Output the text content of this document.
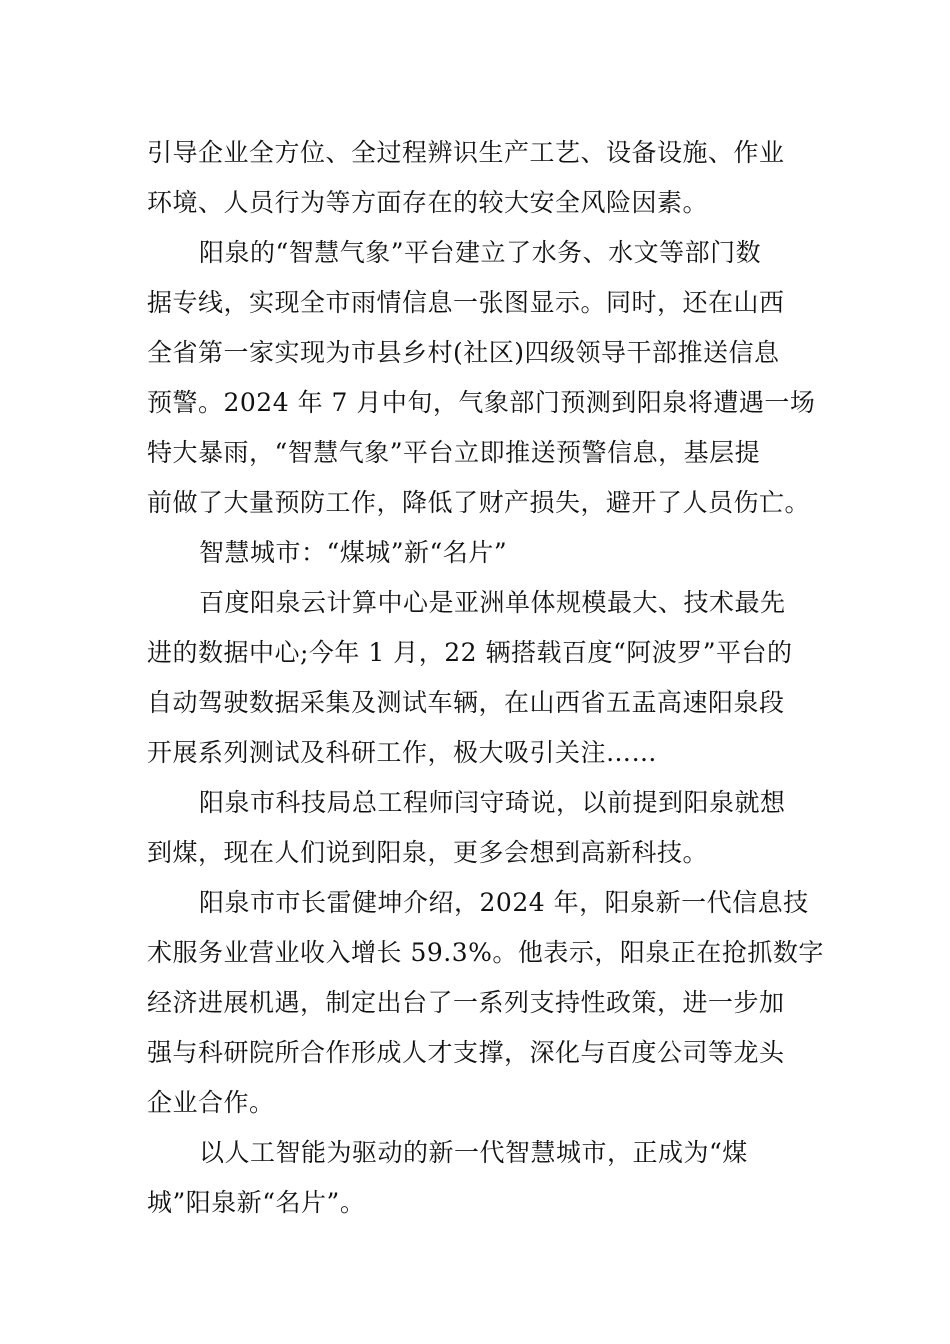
引导企业全方位、全过程辨识生产工艺、设备设施、作业

环境、人员行为等方面存在的较大安全风险因素。

阳泉的“智慧气象”平台建立了水务、水文等部门数

据专线，实现全市雨情信息一张图显示。同时，还在山西

全省第一家实现为市县乡村(社区)四级领导干部推送信息

预警。2024 年 7 月中旬，气象部门预测到阳泉将遭遇一场

特大暴雨，“智慧气象”平台立即推送预警信息，基层提

前做了大量预防工作，降低了财产损失，避开了人员伤亡。

智慧城市：“煤城”新“名片”

百度阳泉云计算中心是亚洲单体规模最大、技术最先

进的数据中心;今年 1 月，22 辆搭载百度“阿波罗”平台的

自动驾驶数据采集及测试车辆，在山西省五盂高速阳泉段

开展系列测试及科研工作，极大吸引关注……

阳泉市科技局总工程师闫守琦说，以前提到阳泉就想

到煤，现在人们说到阳泉，更多会想到高新科技。

阳泉市市长雷健坤介绍，2024 年，阳泉新一代信息技

术服务业营业收入增长 59.3%。他表示，阳泉正在抢抓数字

经济进展机遇，制定出台了一系列支持性政策，进一步加

强与科研院所合作形成人才支撑，深化与百度公司等龙头

企业合作。

以人工智能为驱动的新一代智慧城市，正成为“煤

城”阳泉新“名片”。
